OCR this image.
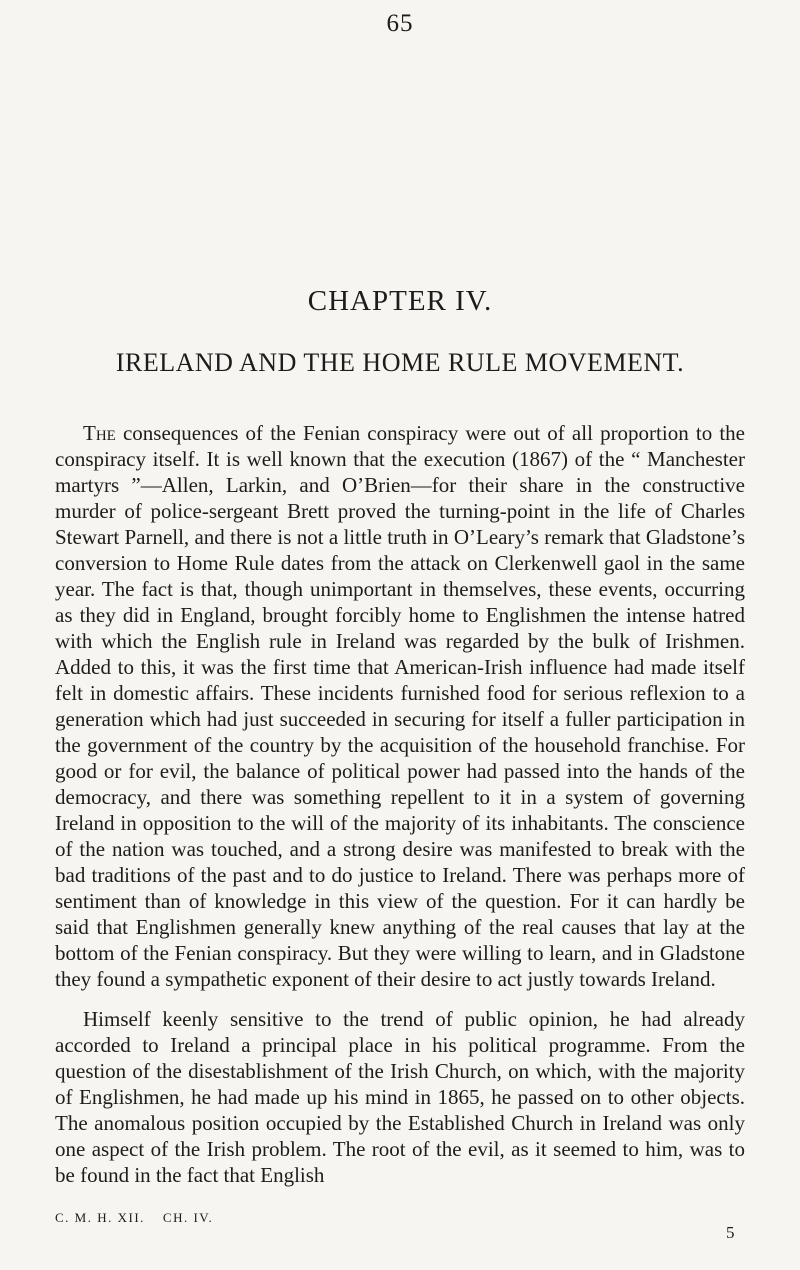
65
CHAPTER IV.
IRELAND AND THE HOME RULE MOVEMENT.

The consequences of the Fenian conspiracy were out of all proportion to the conspiracy itself. It is well known that the execution (1867) of the “ Manchester martyrs ”—Allen, Larkin, and O’Brien—for their share in the constructive murder of police-sergeant Brett proved the turning-point in the life of Charles Stewart Parnell, and there is not a little truth in O’Leary’s remark that Gladstone’s conversion to Home Rule dates from the attack on Clerkenwell gaol in the same year. The fact is that, though unimportant in themselves, these events, occurring as they did in England, brought forcibly home to Englishmen the intense hatred with which the English rule in Ireland was regarded by the bulk of Irishmen. Added to this, it was the first time that American-Irish influence had made itself felt in domestic affairs. These incidents furnished food for serious reflexion to a generation which had just succeeded in securing for itself a fuller participation in the government of the country by the acquisition of the household franchise. For good or for evil, the balance of political power had passed into the hands of the democracy, and there was something repellent to it in a system of governing Ireland in opposition to the will of the majority of its inhabitants. The conscience of the nation was touched, and a strong desire was manifested to break with the bad traditions of the past and to do justice to Ireland. There was perhaps more of sentiment than of knowledge in this view of the question. For it can hardly be said that Englishmen generally knew anything of the real causes that lay at the bottom of the Fenian conspiracy. But they were willing to learn, and in Gladstone they found a sympathetic exponent of their desire to act justly towards Ireland.

Himself keenly sensitive to the trend of public opinion, he had already accorded to Ireland a principal place in his political programme. From the question of the disestablishment of the Irish Church, on which, with the majority of Englishmen, he had made up his mind in 1865, he passed on to other objects. The anomalous position occupied by the Established Church in Ireland was only one aspect of the Irish problem. The root of the evil, as it seemed to him, was to be found in the fact that English

C. M. H. XII. CH. IV.
5
